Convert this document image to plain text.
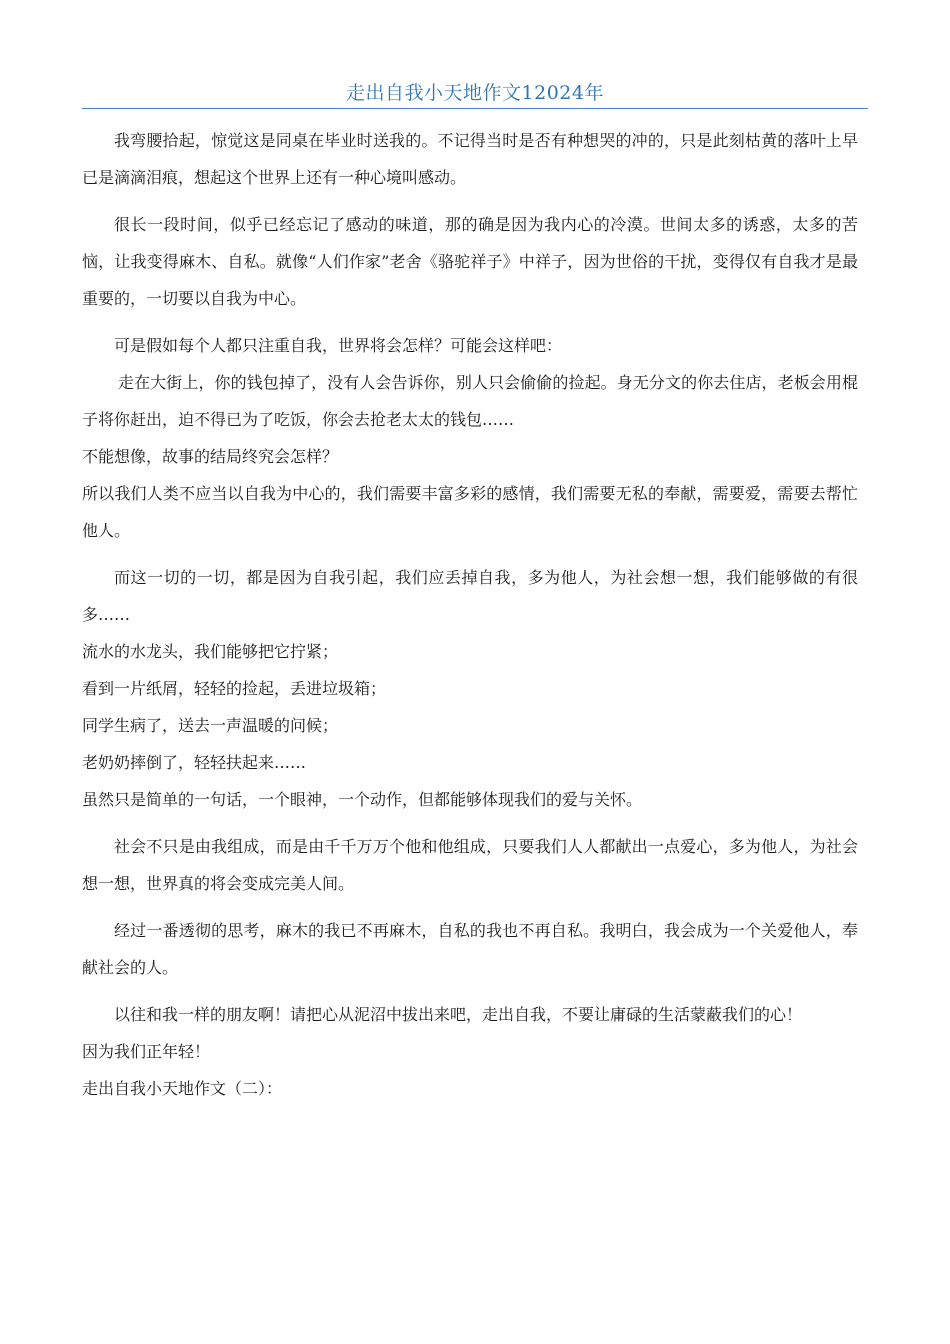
走出自我小天地作文12024年

我弯腰拾起，惊觉这是同桌在毕业时送我的。不记得当时是否有种想哭的冲的，只是此刻枯黄的落叶上早已是滴滴泪痕，想起这个世界上还有一种心境叫感动。

很长一段时间，似乎已经忘记了感动的味道，那的确是因为我内心的冷漠。世间太多的诱惑，太多的苦恼，让我变得麻木、自私。就像“人们作家”老舍《骆驼祥子》中祥子，因为世俗的干扰，变得仅有自我才是最重要的，一切要以自我为中心。

可是假如每个人都只注重自我，世界将会怎样？可能会这样吧：

走在大街上，你的钱包掉了，没有人会告诉你，别人只会偷偷的捡起。身无分文的你去住店，老板会用棍子将你赶出，迫不得已为了吃饭，你会去抢老太太的钱包……

不能想像，故事的结局终究会怎样？

所以我们人类不应当以自我为中心的，我们需要丰富多彩的感情，我们需要无私的奉献，需要爱，需要去帮忙他人。

而这一切的一切，都是因为自我引起，我们应丢掉自我，多为他人，为社会想一想，我们能够做的有很多……

流水的水龙头，我们能够把它拧紧；

看到一片纸屑，轻轻的捡起，丢进垃圾箱；

同学生病了，送去一声温暖的问候；

老奶奶摔倒了，轻轻扶起来……

虽然只是简单的一句话，一个眼神，一个动作，但都能够体现我们的爱与关怀。

社会不只是由我组成，而是由千千万万个他和他组成，只要我们人人都献出一点爱心，多为他人，为社会想一想，世界真的将会变成完美人间。

经过一番透彻的思考，麻木的我已不再麻木，自私的我也不再自私。我明白，我会成为一个关爱他人，奉献社会的人。

以往和我一样的朋友啊！请把心从泥沼中拔出来吧，走出自我，不要让庸碌的生活蒙蔽我们的心！

因为我们正年轻！

走出自我小天地作文（二）：
